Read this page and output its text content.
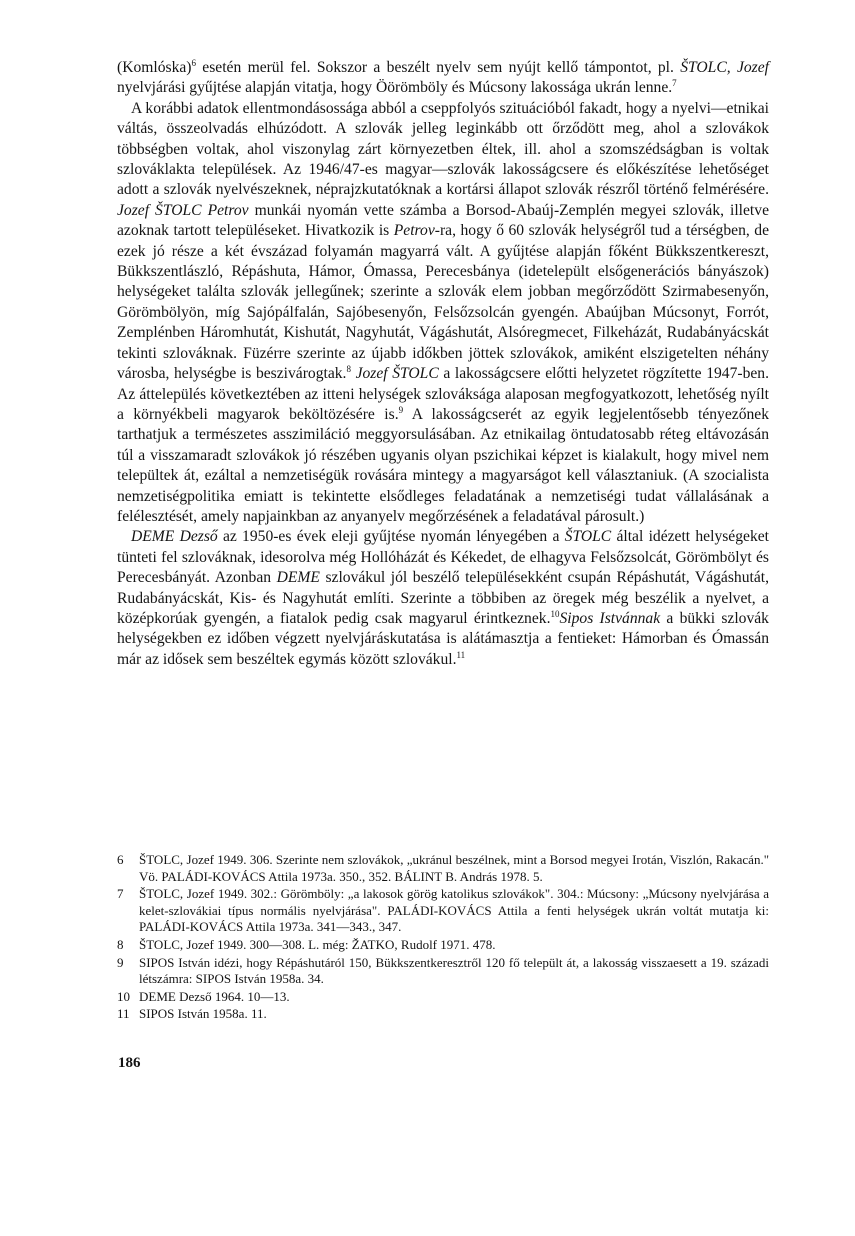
(Komlóska)$^6$ esetén merül fel. Sokszor a beszélt nyelv sem nyújt kellő támpontot, pl. ŠTOLC, Jozef nyelvjárási gyűjtése alapján vitatja, hogy Öörömböly és Múcsony lakossága ukrán lenne.$^7$

A korábbi adatok ellentmondásossága abból a cseppfolyós szituációból fakadt, hogy a nyelvi—etnikai váltás, összeolvadás elhúzódott. A szlovák jelleg leginkább ott őrződött meg, ahol a szlovákok többségben voltak, ahol viszonylag zárt környezetben éltek, ill. ahol a szomszédságban is voltak szlováklakta települések. Az 1946/47-es magyar—szlovák lakosságcsere és előkészítése lehetőséget adott a szlovák nyelvészeknek, néprajzkutatóknak a kortársi állapot szlovák részről történő felmérésére. Jozef ŠTOLC Petrov munkái nyomán vette számba a Borsod-Abaúj-Zemplén megyei szlovák, illetve azoknak tartott településeket. Hivatkozik is Petrov-ra, hogy ő 60 szlovák helységről tud a térségben, de ezek jó része a két évszázad folyamán magyarrá vált. A gyűjtése alapján főként Bükkszentkereszt, Bükkszentlászló, Répáshuta, Hámor, Ómassa, Perecesbánya (idetelepült elsőgenerációs bányászok) helységeket találta szlovák jellegűnek; szerinte a szlovák elem jobban megőrződött Szirmabesenyőn, Görömbölyön, míg Sajópálfalán, Sajóbesenyőn, Felsőzsolcán gyengén. Abaújban Múcsonyt, Forrót, Zemplénben Háromhutát, Kishutát, Nagyhutát, Vágáshutát, Alsóregmecet, Filkeházát, Rudabányácskát tekinti szlováknak. Füzérre szerinte az újabb időkben jöttek szlovákok, amiként elszigetelten néhány városba, helységbe is beszivárogtak.$^8$ Jozef ŠTOLC a lakosságcsere előtti helyzetet rögzítette 1947-ben. Az áttelepülés következtében az itteni helységek szlováksága alaposan megfogyatkozott, lehetőség nyílt a környékbeli magyarok beköltözésére is.$^9$ A lakosságcserét az egyik legjelentősebb tényezőnek tarthatjuk a természetes asszimiláció meggyorsulásában. Az etnikailag öntudatosabb réteg eltávozásán túl a visszamaradt szlovákok jó részében ugyanis olyan pszichikai képzet is kialakult, hogy mivel nem települtek át, ezáltal a nemzetiségük rovására mintegy a magyarságot kell választaniuk. (A szocialista nemzetiségpolitika emiatt is tekintette elsődleges feladatának a nemzetiségi tudat vállalásának a felélesztését, amely napjainkban az anyanyelv megőrzésének a feladatával párosult.)

DEME Dezső az 1950-es évek eleji gyűjtése nyomán lényegében a ŠTOLC által idézett helységeket tünteti fel szlováknak, idesorolva még Hollóházát és Kékedet, de elhagyva Felsőzsolcát, Görömbölyt és Perecesbányát. Azonban DEME szlovákul jól beszélő településekként csupán Répáshutát, Vágáshutát, Rudabányácskát, Kis- és Nagyhutát említi. Szerinte a többiben az öregek még beszélik a nyelvet, a középkorúak gyengén, a fiatalok pedig csak magyarul érintkeznek.$^{10}$Sipos Istvánnak a bükki szlovák helységekben ez időben végzett nyelvjáráskutatása is alátámasztja a fentieket: Hámorban és Ómassán már az idősek sem beszéltek egymás között szlovákul.$^{11}$

6	ŠTOLC, Jozef 1949. 306. Szerinte nem szlovákok, „ukránul beszélnek, mint a Borsod megyei Irotán, Viszlón, Rakacán." Vö. PALÁDI-KOVÁCS Attila 1973a. 350., 352. BÁLINT B. András 1978. 5.
7	ŠTOLC, Jozef 1949. 302.: Görömböly: „a lakosok görög katolikus szlovákok". 304.: Múcsony: „Múcsony nyelvjárása a kelet-szlovákiai típus normális nyelvjárása". PALÁDI-KOVÁCS Attila a fenti helységek ukrán voltát mutatja ki: PALÁDI-KOVÁCS Attila 1973a. 341—343., 347.
8	ŠTOLC, Jozef 1949. 300—308. L. még: ŽATKO, Rudolf 1971. 478.
9	SIPOS István idézi, hogy Répáshutáról 150, Bükkszentkeresztről 120 fő települt át, a lakosság visszaesett a 19. századi létszámra: SIPOS István 1958a. 34.
10 DEME Dezső 1964. 10—13.
11 SIPOS István 1958a. 11.
186
